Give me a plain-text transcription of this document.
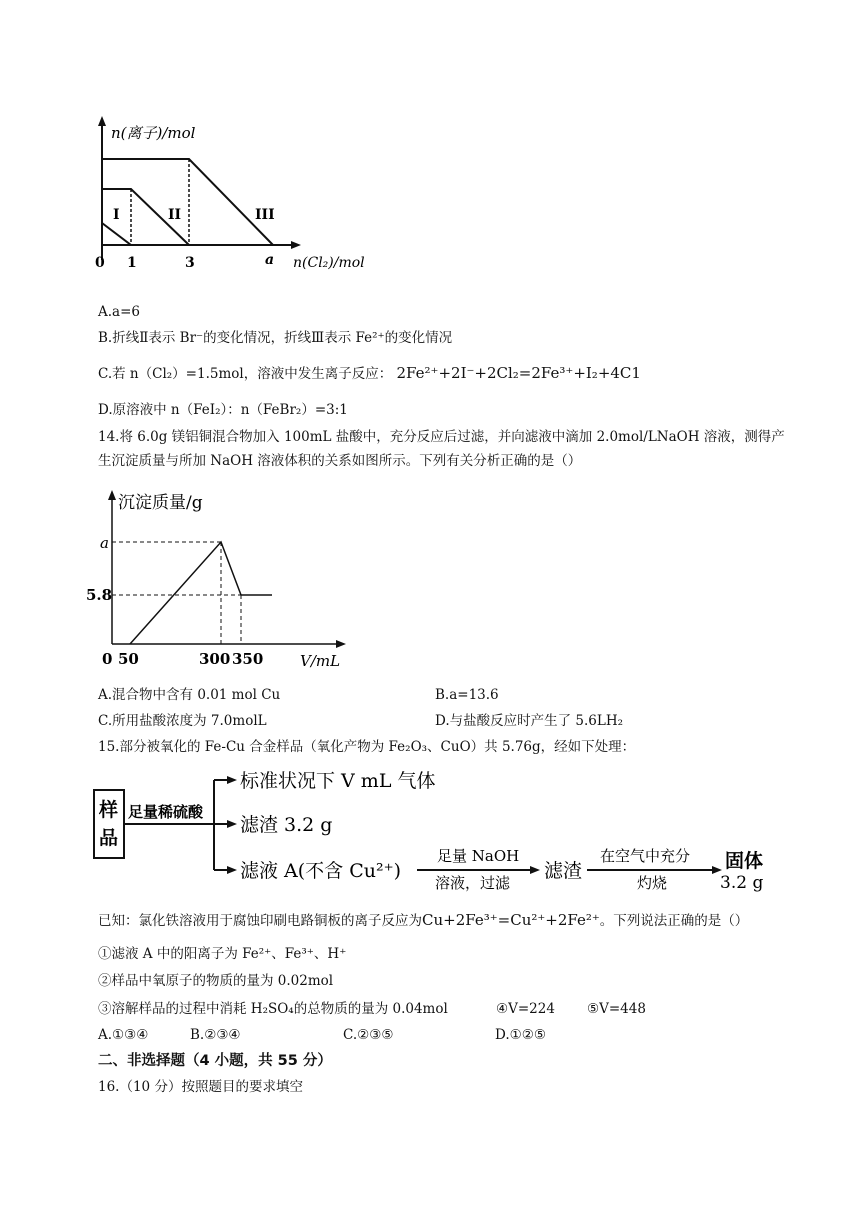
n(离子)/mol
n(Cl₂)/mol
I	II	III
0 1	3	a
A.a=6
B.折线Ⅱ表示 Br⁻的变化情况，折线Ⅲ表示 Fe²⁺的变化情况
C.若 n（Cl₂）=1.5mol，溶液中发生离子反应： 2Fe²⁺+2I⁻+2Cl₂=2Fe³⁺+I₂+4C1
D.原溶液中 n（FeI₂）：n（FeBr₂）=3:1
14.将 6.0g 镁铝铜混合物加入 100mL 盐酸中，充分反应后过滤，并向滤液中滴加 2.0mol/LNaOH 溶液，测得产
生沉淀质量与所加 NaOH 溶液体积的关系如图所示。下列有关分析正确的是（）
沉淀质量/g
V/mL
a
5.8
0 50	300 350
A.混合物中含有 0.01 mol Cu	B.a=13.6
C.所用盐酸浓度为 7.0molL	D.与盐酸反应时产生了 5.6LH₂
15.部分被氧化的 Fe-Cu 合金样品（氧化产物为 Fe₂O₃、CuO）共 5.76g，经如下处理：
样
品
足量稀硫酸
标准状况下 V mL 气体
滤渣 3.2 g
滤液 A(不含 Cu²⁺)
足量 NaOH
溶液，过滤
滤渣
在空气中充分
灼烧
固体
3.2 g
已知：氯化铁溶液用于腐蚀印刷电路铜板的离子反应为Cu+2Fe³⁺=Cu²⁺+2Fe²⁺。下列说法正确的是（）
①滤液 A 中的阳离子为 Fe²⁺、Fe³⁺、H⁺
②样品中氧原子的物质的量为 0.02mol
③溶解样品的过程中消耗 H₂SO₄的总物质的量为 0.04mol	④V=224 ⑤V=448
A.①③④	B.②③④	C.②③⑤	D.①②⑤
二、非选择题（4 小题，共 55 分）
16.（10 分）按照题目的要求填空
